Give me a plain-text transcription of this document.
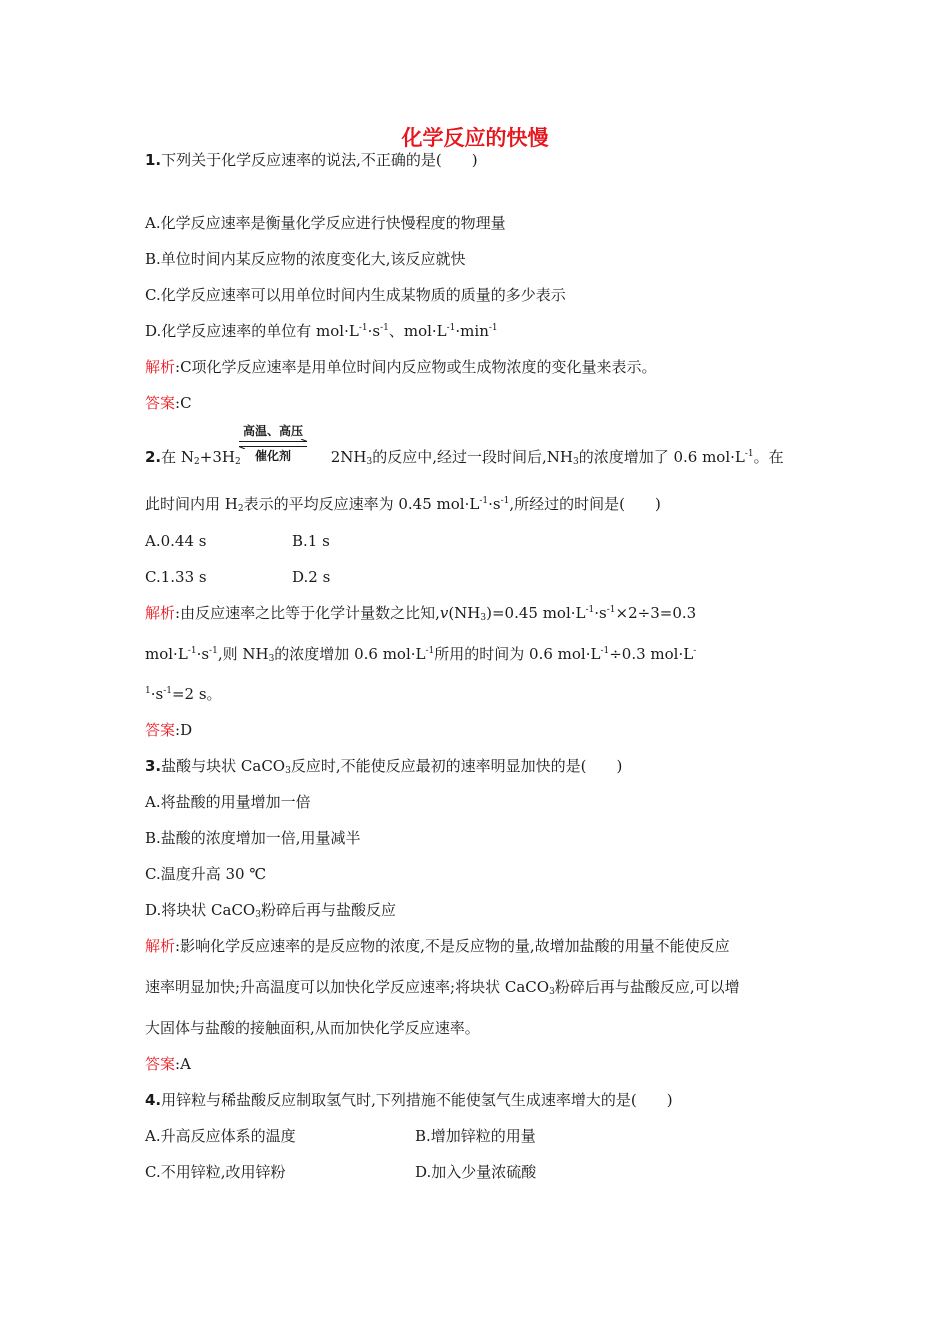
化学反应的快慢
1.下列关于化学反应速率的说法,不正确的是(　　)
A.化学反应速率是衡量化学反应进行快慢程度的物理量
B.单位时间内某反应物的浓度变化大,该反应就快
C.化学反应速率可以用单位时间内生成某物质的质量的多少表示
D.化学反应速率的单位有 $mol\cdot L^{-1}\cdot s^{-1}$、$mol\cdot L^{-1}\cdot\min^{-1}$
解析:C项化学反应速率是用单位时间内反应物或生成物浓度的变化量来表示。
答案:C
2.在 $N_2+3H_2$	$2NH_3$的反应中,经过一段时间后$,NH_3$的浓度增加了 0.6 $mol\cdot L^{-1}$。在
高温、高压
催化剂
此时间内用 $H_2$表示的平均反应速率为 0.45 $mol\cdot L^{-1}\cdot s^{-1}$,所经过的时间是(　　)
A.0.44 s	B.1 s
C.1.33 s	D.2 s
解析:由反应速率之比等于化学计量数之比知$,v(NH_3)=0.45$ $mol\cdot L^{-1}\cdot s^{-1}\times 2\div 3=0.3$
$mol\cdot L^{-1}\cdot s^{-1}$,则 $NH_3$的浓度增加 0.6 $mol\cdot L^{-1}$所用的时间为 0.6 $mol\cdot L^{-1}\div 0.3$ mol·L-
$^1\cdot s^{-1}=2$ s。
答案:D
3.盐酸与块状 CaCO$_3$反应时,不能使反应最初的速率明显加快的是(　　)
A.将盐酸的用量增加一倍
B.盐酸的浓度增加一倍,用量减半
C.温度升高 30 ℃
D.将块状 CaCO$_3$粉碎后再与盐酸反应
解析:影响化学反应速率的是反应物的浓度,不是反应物的量,故增加盐酸的用量不能使反应
速率明显加快;升高温度可以加快化学反应速率;将块状 CaCO$_3$粉碎后再与盐酸反应,可以增
大固体与盐酸的接触面积,从而加快化学反应速率。
答案:A
4.用锌粒与稀盐酸反应制取氢气时,下列措施不能使氢气生成速率增大的是(　　)
A.升高反应体系的温度	B.增加锌粒的用量
C.不用锌粒,改用锌粉	D.加入少量浓硫酸
